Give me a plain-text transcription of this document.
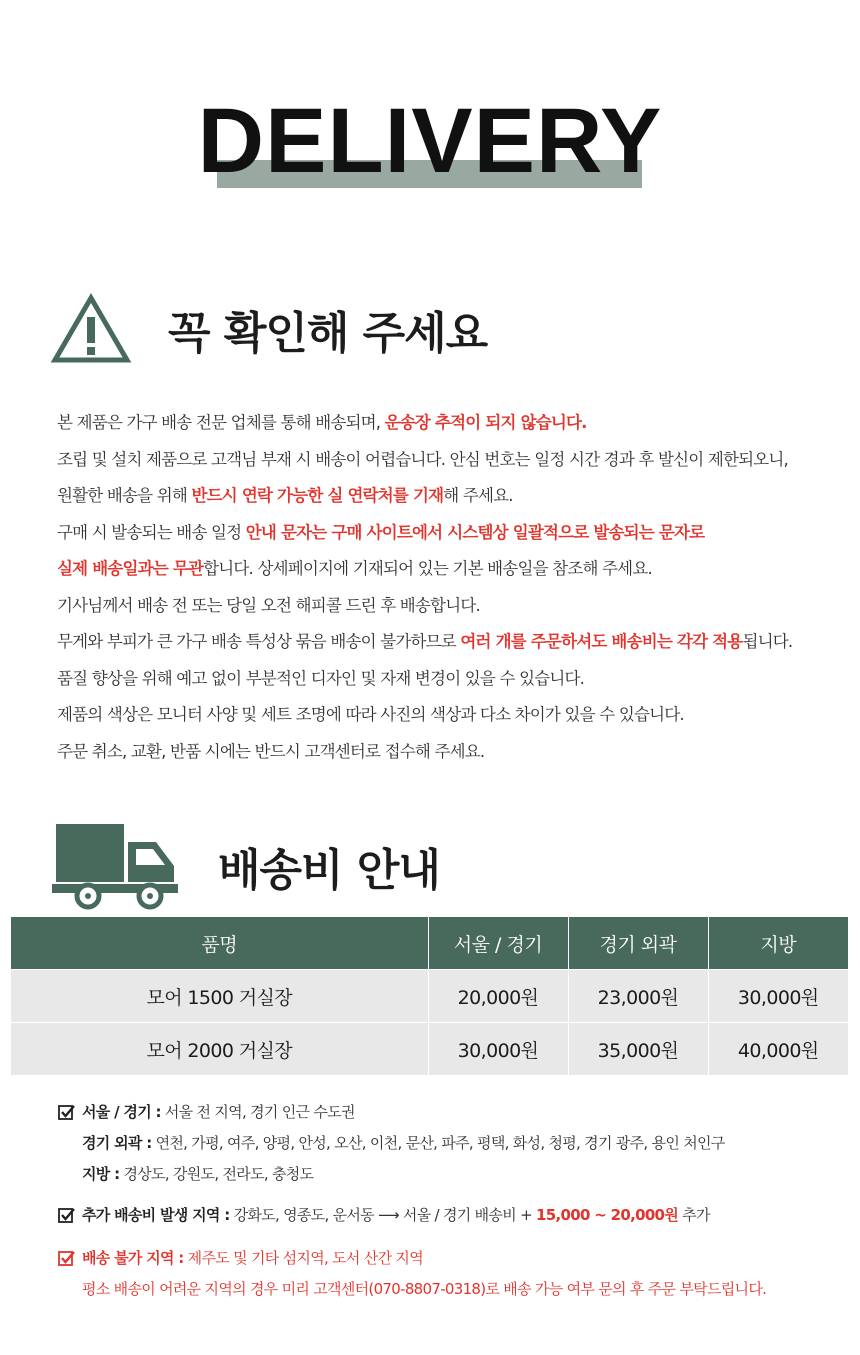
DELIVERY
꼭 확인해 주세요

본 제품은 가구 배송 전문 업체를 통해 배송되며, 운송장 추적이 되지 않습니다.

조립 및 설치 제품으로 고객님 부재 시 배송이 어렵습니다. 안심 번호는 일정 시간 경과 후 발신이 제한되오니,

원활한 배송을 위해 반드시 연락 가능한 실 연락처를 기재해 주세요.

구매 시 발송되는 배송 일정 안내 문자는 구매 사이트에서 시스템상 일괄적으로 발송되는 문자로

실제 배송일과는 무관합니다. 상세페이지에 기재되어 있는 기본 배송일을 참조해 주세요.

기사님께서 배송 전 또는 당일 오전 해피콜 드린 후 배송합니다.

무게와 부피가 큰 가구 배송 특성상 묶음 배송이 불가하므로 여러 개를 주문하셔도 배송비는 각각 적용됩니다.

품질 향상을 위해 예고 없이 부분적인 디자인 및 자재 변경이 있을 수 있습니다.

제품의 색상은 모니터 사양 및 세트 조명에 따라 사진의 색상과 다소 차이가 있을 수 있습니다.

주문 취소, 교환, 반품 시에는 반드시 고객센터로 접수해 주세요.

배송비 안내
품명	서울 / 경기	경기 외곽	지방
모어 1500 거실장	20,000원	23,000원	30,000원
모어 2000 거실장	30,000원	35,000원	40,000원
서울 / 경기 : 서울 전 지역, 경기 인근 수도권
경기 외곽 : 연천, 가평, 여주, 양평, 안성, 오산, 이천, 문산, 파주, 평택, 화성, 청평, 경기 광주, 용인 처인구
지방 : 경상도, 강원도, 전라도, 충청도
추가 배송비 발생 지역 : 강화도, 영종도, 운서동 ⟶ 서울 / 경기 배송비 + 15,000 ~ 20,000원 추가
배송 불가 지역 : 제주도 및 기타 섬지역, 도서 산간 지역
평소 배송이 어려운 지역의 경우 미리 고객센터(070-8807-0318)로 배송 가능 여부 문의 후 주문 부탁드립니다.
